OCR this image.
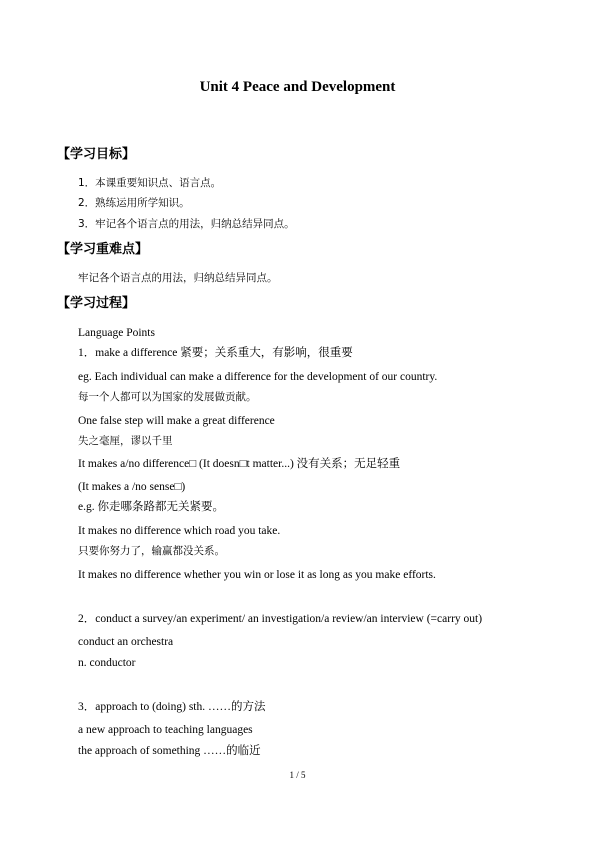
Unit 4 Peace and Development
【学习目标】
1．本课重要知识点、语言点。
2．熟练运用所学知识。
3．牢记各个语言点的用法，归纳总结异同点。
【学习重难点】
牢记各个语言点的用法，归纳总结异同点。
【学习过程】
Language Points
1．make a difference 紧要；关系重大，有影响，很重要
eg. Each individual can make a difference for the development of our country.
每一个人都可以为国家的发展做贡献。
One false step will make a great difference
失之毫厘，谬以千里
It makes a/no difference□ (It doesn□t matter...) 没有关系；无足轻重
(It makes a /no sense□)
e.g. 你走哪条路都无关紧要。
It makes no difference which road you take.
只要你努力了，输赢都没关系。
It makes no difference whether you win or lose it as long as you make efforts.
2．conduct a survey/an experiment/ an investigation/a review/an interview (=carry out)
conduct an orchestra
n. conductor
3．approach to (doing) sth. ……的方法
a new approach to teaching languages
the approach of something ……的临近
1 / 5
